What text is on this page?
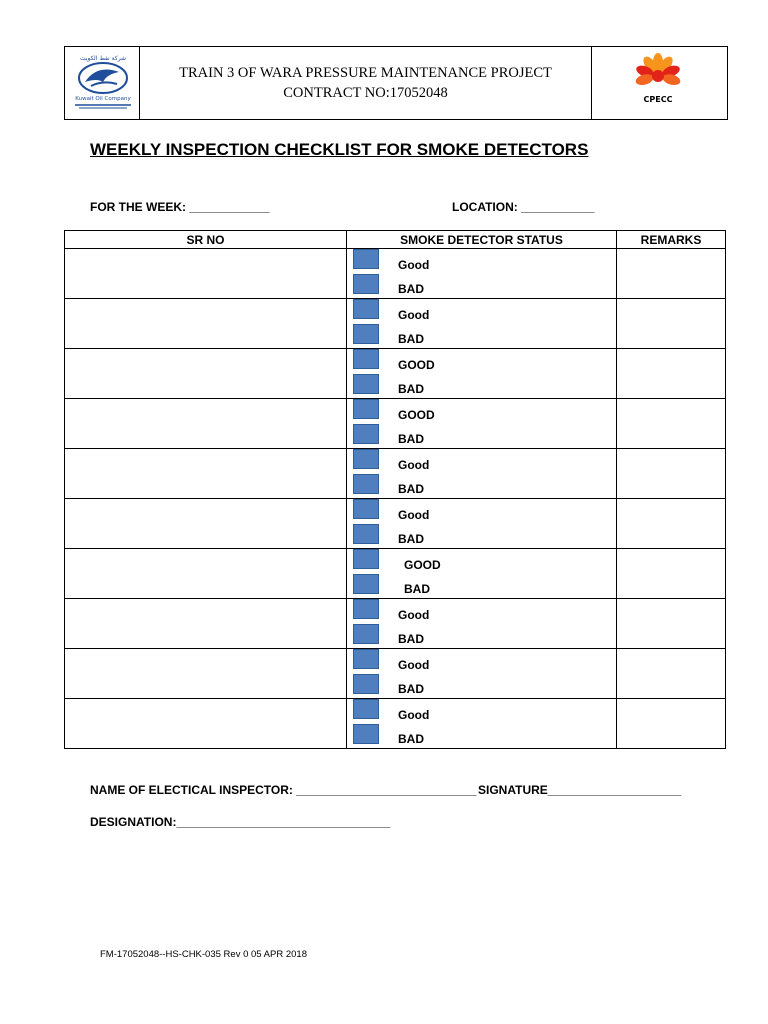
شركة نفط الكويت
Kuwait Oil Company
TRAIN 3 OF WARA PRESSURE MAINTENANCE PROJECT
CONTRACT NO:17052048	CPECC
WEEKLY INSPECTION CHECKLIST FOR SMOKE DETECTORS
FOR THE WEEK: ____________	LOCATION: ___________
SR NO	SMOKE DETECTOR STATUS	REMARKS

	Good
BAD	

	Good
BAD	

	GOOD
BAD	

	GOOD
BAD	

	Good
BAD	

	Good
BAD	

	GOOD
BAD	

	Good
BAD	

	Good
BAD	

	Good
BAD	

NAME OF ELECTICAL INSPECTOR: ___________________________ SIGNATURE____________________
DESIGNATION:________________________________
FM-17052048--HS-CHK-035 Rev 0 05 APR 2018
